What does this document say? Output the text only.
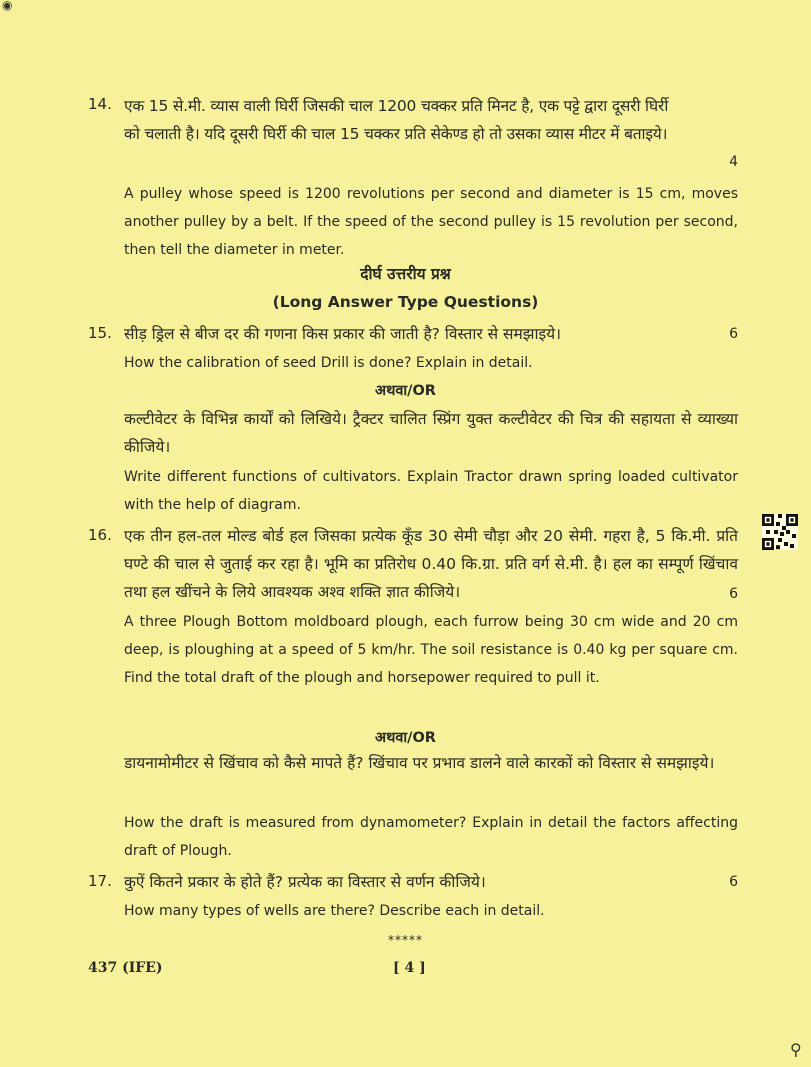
◉
14. एक 15 से.मी. व्यास वाली घिर्री जिसकी चाल 1200 चक्कर प्रति मिनट है, एक पट्टे द्वारा दूसरी घिर्री
को चलाती है। यदि दूसरी घिर्री की चाल 15 चक्कर प्रति सेकेण्ड हो तो उसका व्यास मीटर में बताइये।
4
A pulley whose speed is 1200 revolutions per second and diameter is 15 cm, moves another pulley by a belt. If the speed of the second pulley is 15 revolution per second, then tell the diameter in meter.
दीर्घ उत्तरीय प्रश्न
(Long Answer Type Questions)
15. सीड़ ड्रिल से बीज दर की गणना किस प्रकार की जाती है? विस्तार से समझाइये।	6
How the calibration of seed Drill is done? Explain in detail.
अथवा/OR
कल्टीवेटर के विभिन्न कार्यों को लिखिये। ट्रैक्टर चालित स्प्रिंग युक्त कल्टीवेटर की चित्र की सहायता से व्याख्या कीजिये।
Write different functions of cultivators. Explain Tractor drawn spring loaded cultivator with the help of diagram.
16. एक तीन हल-तल मोल्ड बोर्ड हल जिसका प्रत्येक कूँड 30 सेमी चौड़ा और 20 सेमी. गहरा है, 5 कि.मी. प्रति घण्टे की चाल से जुताई कर रहा है। भूमि का प्रतिरोध 0.40 कि.ग्रा. प्रति वर्ग से.मी. है। हल का सम्पूर्ण खिंचाव तथा हल खींचने के लिये आवश्यक अश्व शक्ति ज्ञात कीजिये।	6
A three Plough Bottom moldboard plough, each furrow being 30 cm wide and 20 cm deep, is ploughing at a speed of 5 km/hr. The soil resistance is 0.40 kg per square cm. Find the total draft of the plough and horsepower required to pull it.
अथवा/OR
डायनामोमीटर से खिंचाव को कैसे मापते हैं? खिंचाव पर प्रभाव डालने वाले कारकों को विस्तार से समझाइये।
How the draft is measured from dynamometer? Explain in detail the factors affecting draft of Plough.
17. कुऐं कितने प्रकार के होते हैं? प्रत्येक का विस्तार से वर्णन कीजिये।	6
How many types of wells are there? Describe each in detail.
*****
437 (IFE)	[ 4 ]
⚲
